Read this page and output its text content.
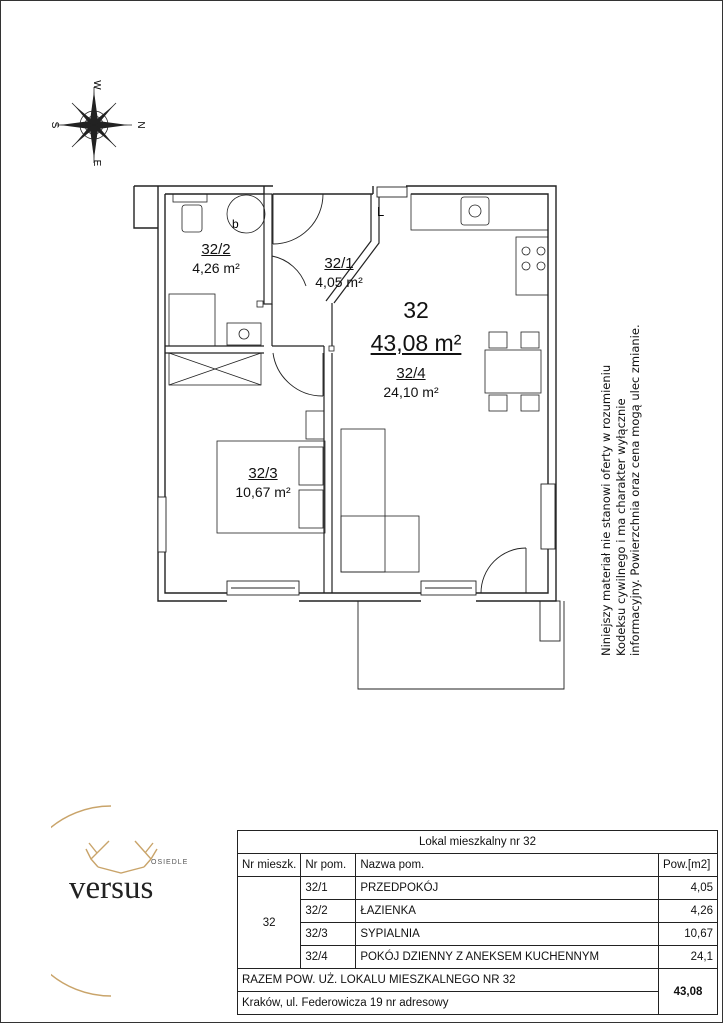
N
W
S
E
L
b
32/2
4,26 m²	32/1
4,05 m²
32
43,08 m²
32/4
24,10 m²
32/3
10,67 m²	Niniejszy materiał nie stanowi oferty w rozumieniu Kodeksu cywilnego i ma charakter wyłącznie informacyjny. Powierzchnia oraz cena mogą ulec zmianie.
OSIEDLE
versus
Lokal mieszkalny nr 32			
Nr mieszk.	Nr pom.	Nazwa pom.	Pow.[m2]
32	32/1	PRZEDPOKÓJ	4,05
	32/2	ŁAZIENKA	4,26
	32/3	SYPIALNIA	10,67
	32/4	POKÓJ DZIENNY Z ANEKSEM KUCHENNYM	24,1
RAZEM POW. UŻ. LOKALU MIESZKALNEGO NR 32			43,08
Kraków, ul. Federowicza 19 nr adresowy			
